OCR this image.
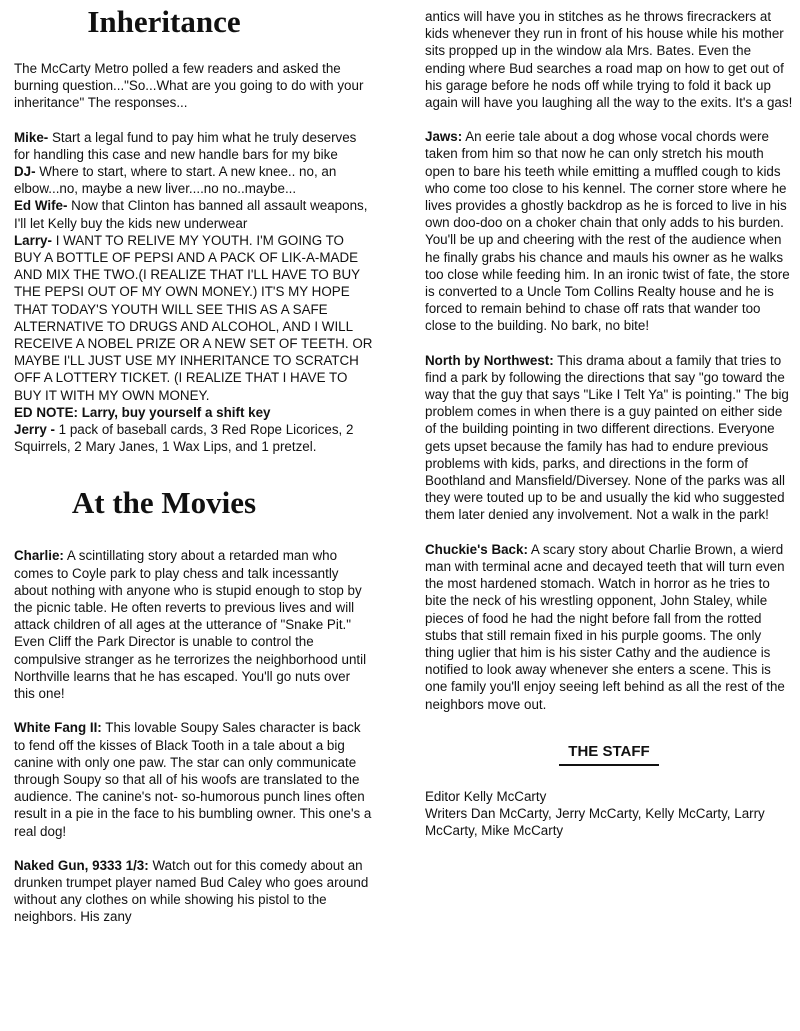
Inheritance

The McCarty Metro polled a few readers and asked the burning question..."So...What are you going to do with your inheritance" The responses...

Mike- Start a legal fund to pay him what he truly deserves for handling this case and new handle bars for my bike

DJ- Where to start, where to start. A new knee.. no, an elbow...no, maybe a new liver....no no..maybe...

Ed Wife- Now that Clinton has banned all assault weapons, I'll let Kelly buy the kids new underwear

Larry- I WANT TO RELIVE MY YOUTH. I'M GOING TO BUY A BOTTLE OF PEPSI AND A PACK OF LIK-A-MADE AND MIX THE TWO.(I REALIZE THAT I'LL HAVE TO BUY THE PEPSI OUT OF MY OWN MONEY.) IT'S MY HOPE THAT TODAY'S YOUTH WILL SEE THIS AS A SAFE ALTERNATIVE TO DRUGS AND ALCOHOL, AND I WILL RECEIVE A NOBEL PRIZE OR A NEW SET OF TEETH. OR MAYBE I'LL JUST USE MY INHERITANCE TO SCRATCH OFF A LOTTERY TICKET. (I REALIZE THAT I HAVE TO BUY IT WITH MY OWN MONEY.

ED NOTE: Larry, buy yourself a shift key

Jerry - 1 pack of baseball cards, 3 Red Rope Licorices, 2 Squirrels, 2 Mary Janes, 1 Wax Lips, and 1 pretzel.

At the Movies

Charlie: A scintillating story about a retarded man who comes to Coyle park to play chess and talk incessantly about nothing with anyone who is stupid enough to stop by the picnic table. He often reverts to previous lives and will attack children of all ages at the utterance of "Snake Pit." Even Cliff the Park Director is unable to control the compulsive stranger as he terrorizes the neighborhood until Northville learns that he has escaped. You'll go nuts over this one!

White Fang II: This lovable Soupy Sales character is back to fend off the kisses of Black Tooth in a tale about a big canine with only one paw. The star can only communicate through Soupy so that all of his woofs are translated to the audience. The canine's not- so-humorous punch lines often result in a pie in the face to his bumbling owner. This one's a real dog!

Naked Gun, 9333 1/3: Watch out for this comedy about an drunken trumpet player named Bud Caley who goes around without any clothes on while showing his pistol to the neighbors. His zany

antics will have you in stitches as he throws firecrackers at kids whenever they run in front of his house while his mother sits propped up in the window ala Mrs. Bates. Even the ending where Bud searches a road map on how to get out of his garage before he nods off while trying to fold it back up again will have you laughing all the way to the exits. It's a gas!

Jaws: An eerie tale about a dog whose vocal chords were taken from him so that now he can only stretch his mouth open to bare his teeth while emitting a muffled cough to kids who come too close to his kennel. The corner store where he lives provides a ghostly backdrop as he is forced to live in his own doo-doo on a choker chain that only adds to his burden. You'll be up and cheering with the rest of the audience when he finally grabs his chance and mauls his owner as he walks too close while feeding him. In an ironic twist of fate, the store is converted to a Uncle Tom Collins Realty house and he is forced to remain behind to chase off rats that wander too close to the building. No bark, no bite!

North by Northwest: This drama about a family that tries to find a park by following the directions that say "go toward the way that the guy that says "Like I Telt Ya" is pointing." The big problem comes in when there is a guy painted on either side of the building pointing in two different directions. Everyone gets upset because the family has had to endure previous problems with kids, parks, and directions in the form of Boothland and Mansfield/Diversey. None of the parks was all they were touted up to be and usually the kid who suggested them later denied any involvement. Not a walk in the park!

Chuckie's Back: A scary story about Charlie Brown, a wierd man with terminal acne and decayed teeth that will turn even the most hardened stomach. Watch in horror as he tries to bite the neck of his wrestling opponent, John Staley, while pieces of food he had the night before fall from the rotted stubs that still remain fixed in his purple gooms. The only thing uglier that him is his sister Cathy and the audience is notified to look away whenever she enters a scene. This is one family you'll enjoy seeing left behind as all the rest of the neighbors move out.

THE STAFF

Editor Kelly McCarty

Writers Dan McCarty, Jerry McCarty, Kelly McCarty, Larry McCarty, Mike McCarty
